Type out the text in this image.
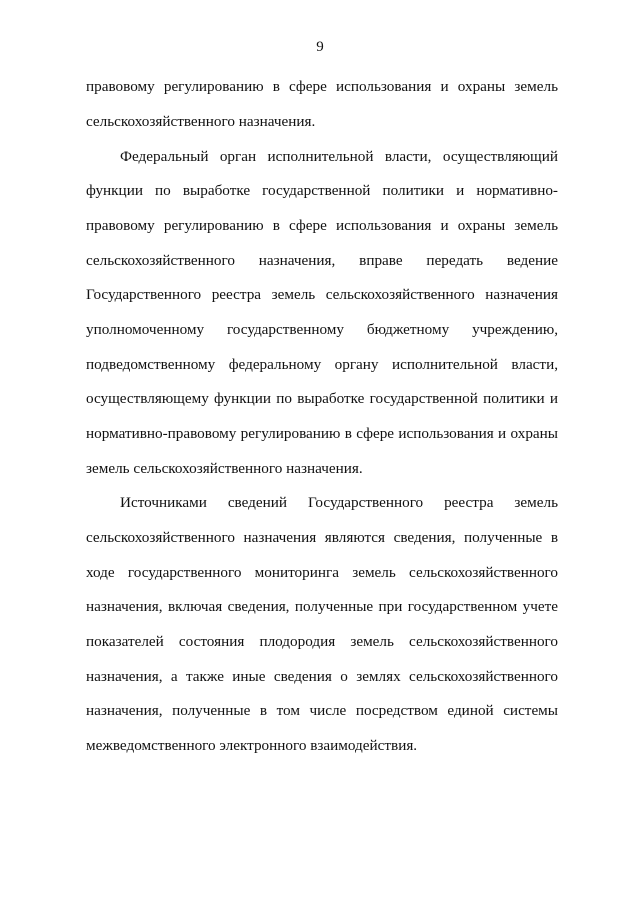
9
правовому регулированию в сфере использования и охраны земель
сельскохозяйственного назначения.
Федеральный орган исполнительной власти, осуществляющий
функции по выработке государственной политики и нормативно-
правовому регулированию в сфере использования и охраны земель
сельскохозяйственного назначения, вправе передать ведение
Государственного реестра земель сельскохозяйственного назначения
уполномоченному государственному бюджетному учреждению,
подведомственному федеральному органу исполнительной власти,
осуществляющему функции по выработке государственной политики и
нормативно-правовому регулированию в сфере использования и охраны
земель сельскохозяйственного назначения.
Источниками сведений Государственного реестра земель
сельскохозяйственного назначения являются сведения, полученные в
ходе государственного мониторинга земель сельскохозяйственного
назначения, включая сведения, полученные при государственном учете
показателей состояния плодородия земель сельскохозяйственного
назначения, а также иные сведения о землях сельскохозяйственного
назначения, полученные в том числе посредством единой системы
межведомственного электронного взаимодействия.
